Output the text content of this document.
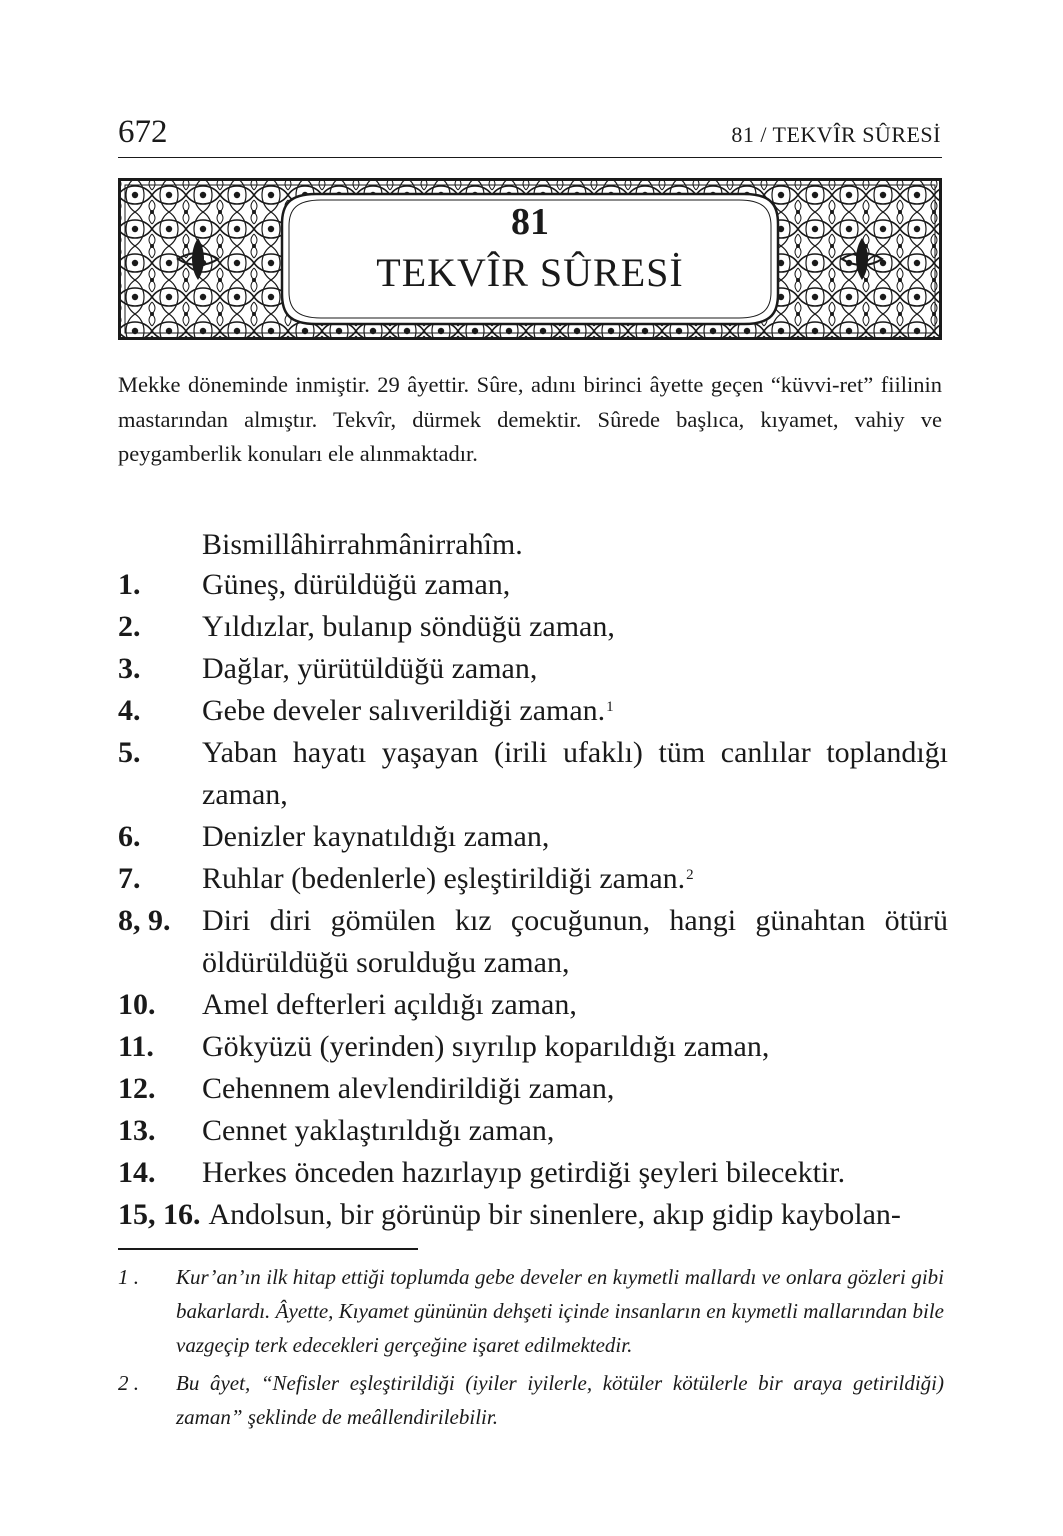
672	81 / TEKVÎR SÛRESİ
81
TEKVÎR SÛRESİ
Mekke döneminde inmiştir. 29 âyettir. Sûre, adını birinci âyette geçen “küvvi-ret” fiilinin mastarından almıştır. Tekvîr, dürmek demektir. Sûrede başlıca, kıyamet, vahiy ve peygamberlik konuları ele alınmaktadır.
Bismillâhirrahmânirrahîm.
1.	Güneş, dürüldüğü zaman,
2.	Yıldızlar, bulanıp söndüğü zaman,
3.	Dağlar, yürütüldüğü zaman,
4.	Gebe develer salıverildiği zaman.$^1$
5.	Yaban hayatı yaşayan (irili ufaklı) tüm canlılar toplandığı zaman,
6.	Denizler kaynatıldığı zaman,
7.	Ruhlar (bedenlerle) eşleştirildiği zaman.$^2$
8, 9.	Diri diri gömülen kız çocuğunun, hangi günahtan ötürü öldürüldüğü sorulduğu zaman,
10.	Amel defterleri açıldığı zaman,
11.	Gökyüzü (yerinden) sıyrılıp koparıldığı zaman,
12.	Cehennem alevlendirildiği zaman,
13.	Cennet yaklaştırıldığı zaman,
14.	Herkes önceden hazırlayıp getirdiği şeyleri bilecektir.
15, 16. Andolsun, bir görünüp bir sinenlere, akıp gidip kaybolan-
1 .	Kur’an’ın ilk hitap ettiği toplumda gebe develer en kıymetli mallardı ve onlara gözleri gibi bakarlardı. Âyette, Kıyamet gününün dehşeti içinde insanların en kıymetli mallarından bile vazgeçip terk edecekleri gerçeğine işaret edilmektedir.
2 .	Bu âyet, “Nefisler eşleştirildiği (iyiler iyilerle, kötüler kötülerle bir araya getirildiği) zaman” şeklinde de meâllendirilebilir.
